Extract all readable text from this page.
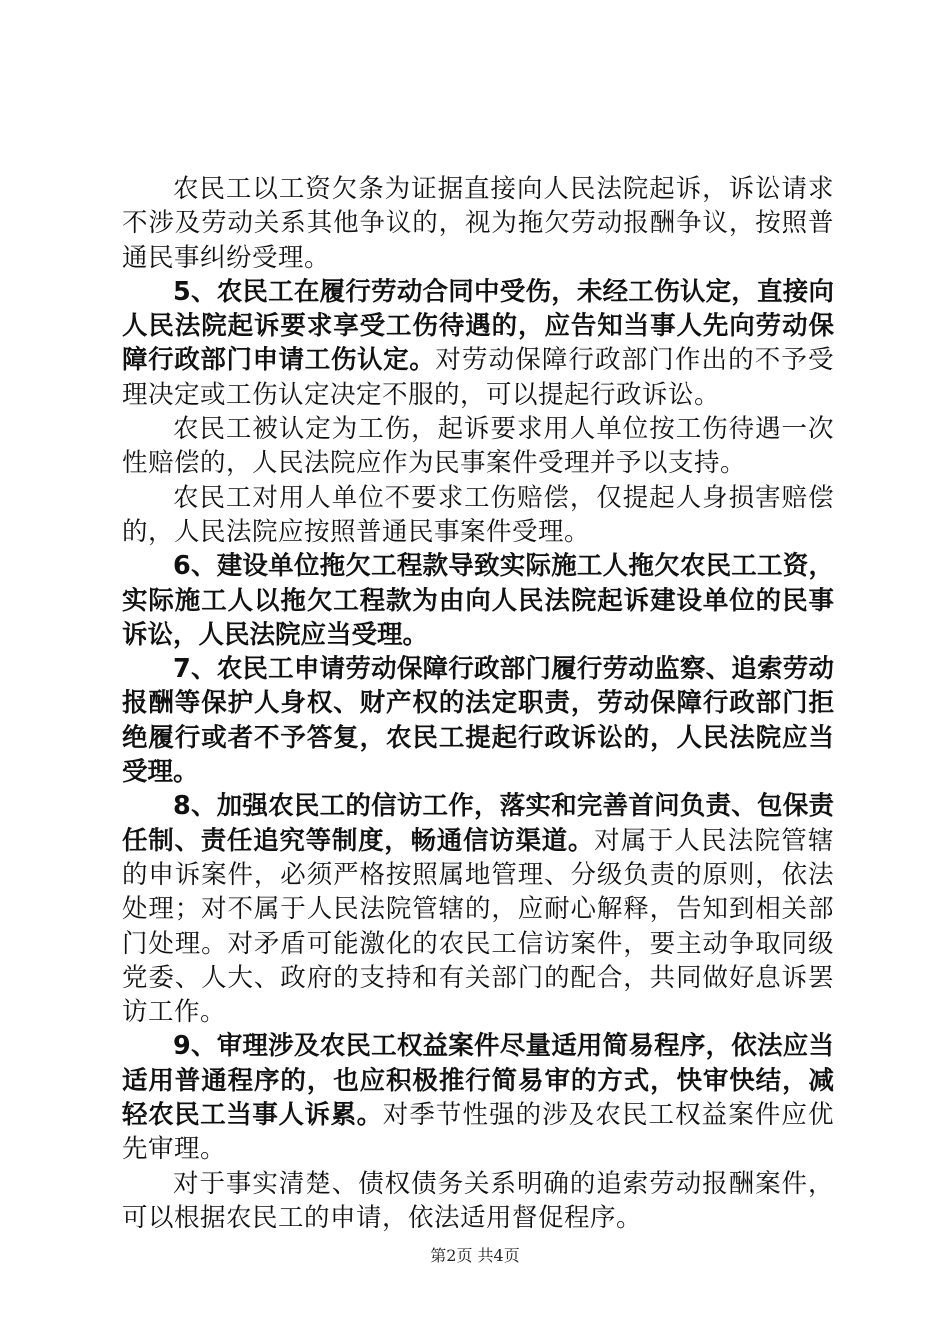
农民工以工资欠条为证据直接向人民法院起诉，诉讼请求不涉及劳动关系其他争议的，视为拖欠劳动报酬争议，按照普通民事纠纷受理。

5、农民工在履行劳动合同中受伤，未经工伤认定，直接向人民法院起诉要求享受工伤待遇的，应告知当事人先向劳动保障行政部门申请工伤认定。对劳动保障行政部门作出的不予受理决定或工伤认定决定不服的，可以提起行政诉讼。

农民工被认定为工伤，起诉要求用人单位按工伤待遇一次性赔偿的，人民法院应作为民事案件受理并予以支持。

农民工对用人单位不要求工伤赔偿，仅提起人身损害赔偿的，人民法院应按照普通民事案件受理。

6、建设单位拖欠工程款导致实际施工人拖欠农民工工资，实际施工人以拖欠工程款为由向人民法院起诉建设单位的民事诉讼，人民法院应当受理。

7、农民工申请劳动保障行政部门履行劳动监察、追索劳动报酬等保护人身权、财产权的法定职责，劳动保障行政部门拒绝履行或者不予答复，农民工提起行政诉讼的，人民法院应当受理。

8、加强农民工的信访工作，落实和完善首问负责、包保责任制、责任追究等制度，畅通信访渠道。对属于人民法院管辖的申诉案件，必须严格按照属地管理、分级负责的原则，依法处理；对不属于人民法院管辖的，应耐心解释，告知到相关部门处理。对矛盾可能激化的农民工信访案件，要主动争取同级党委、人大、政府的支持和有关部门的配合，共同做好息诉罢访工作。

9、审理涉及农民工权益案件尽量适用简易程序，依法应当适用普通程序的，也应积极推行简易审的方式，快审快结，减轻农民工当事人诉累。对季节性强的涉及农民工权益案件应优先审理。

对于事实清楚、债权债务关系明确的追索劳动报酬案件，可以根据农民工的申请，依法适用督促程序。

第2页 共4页
